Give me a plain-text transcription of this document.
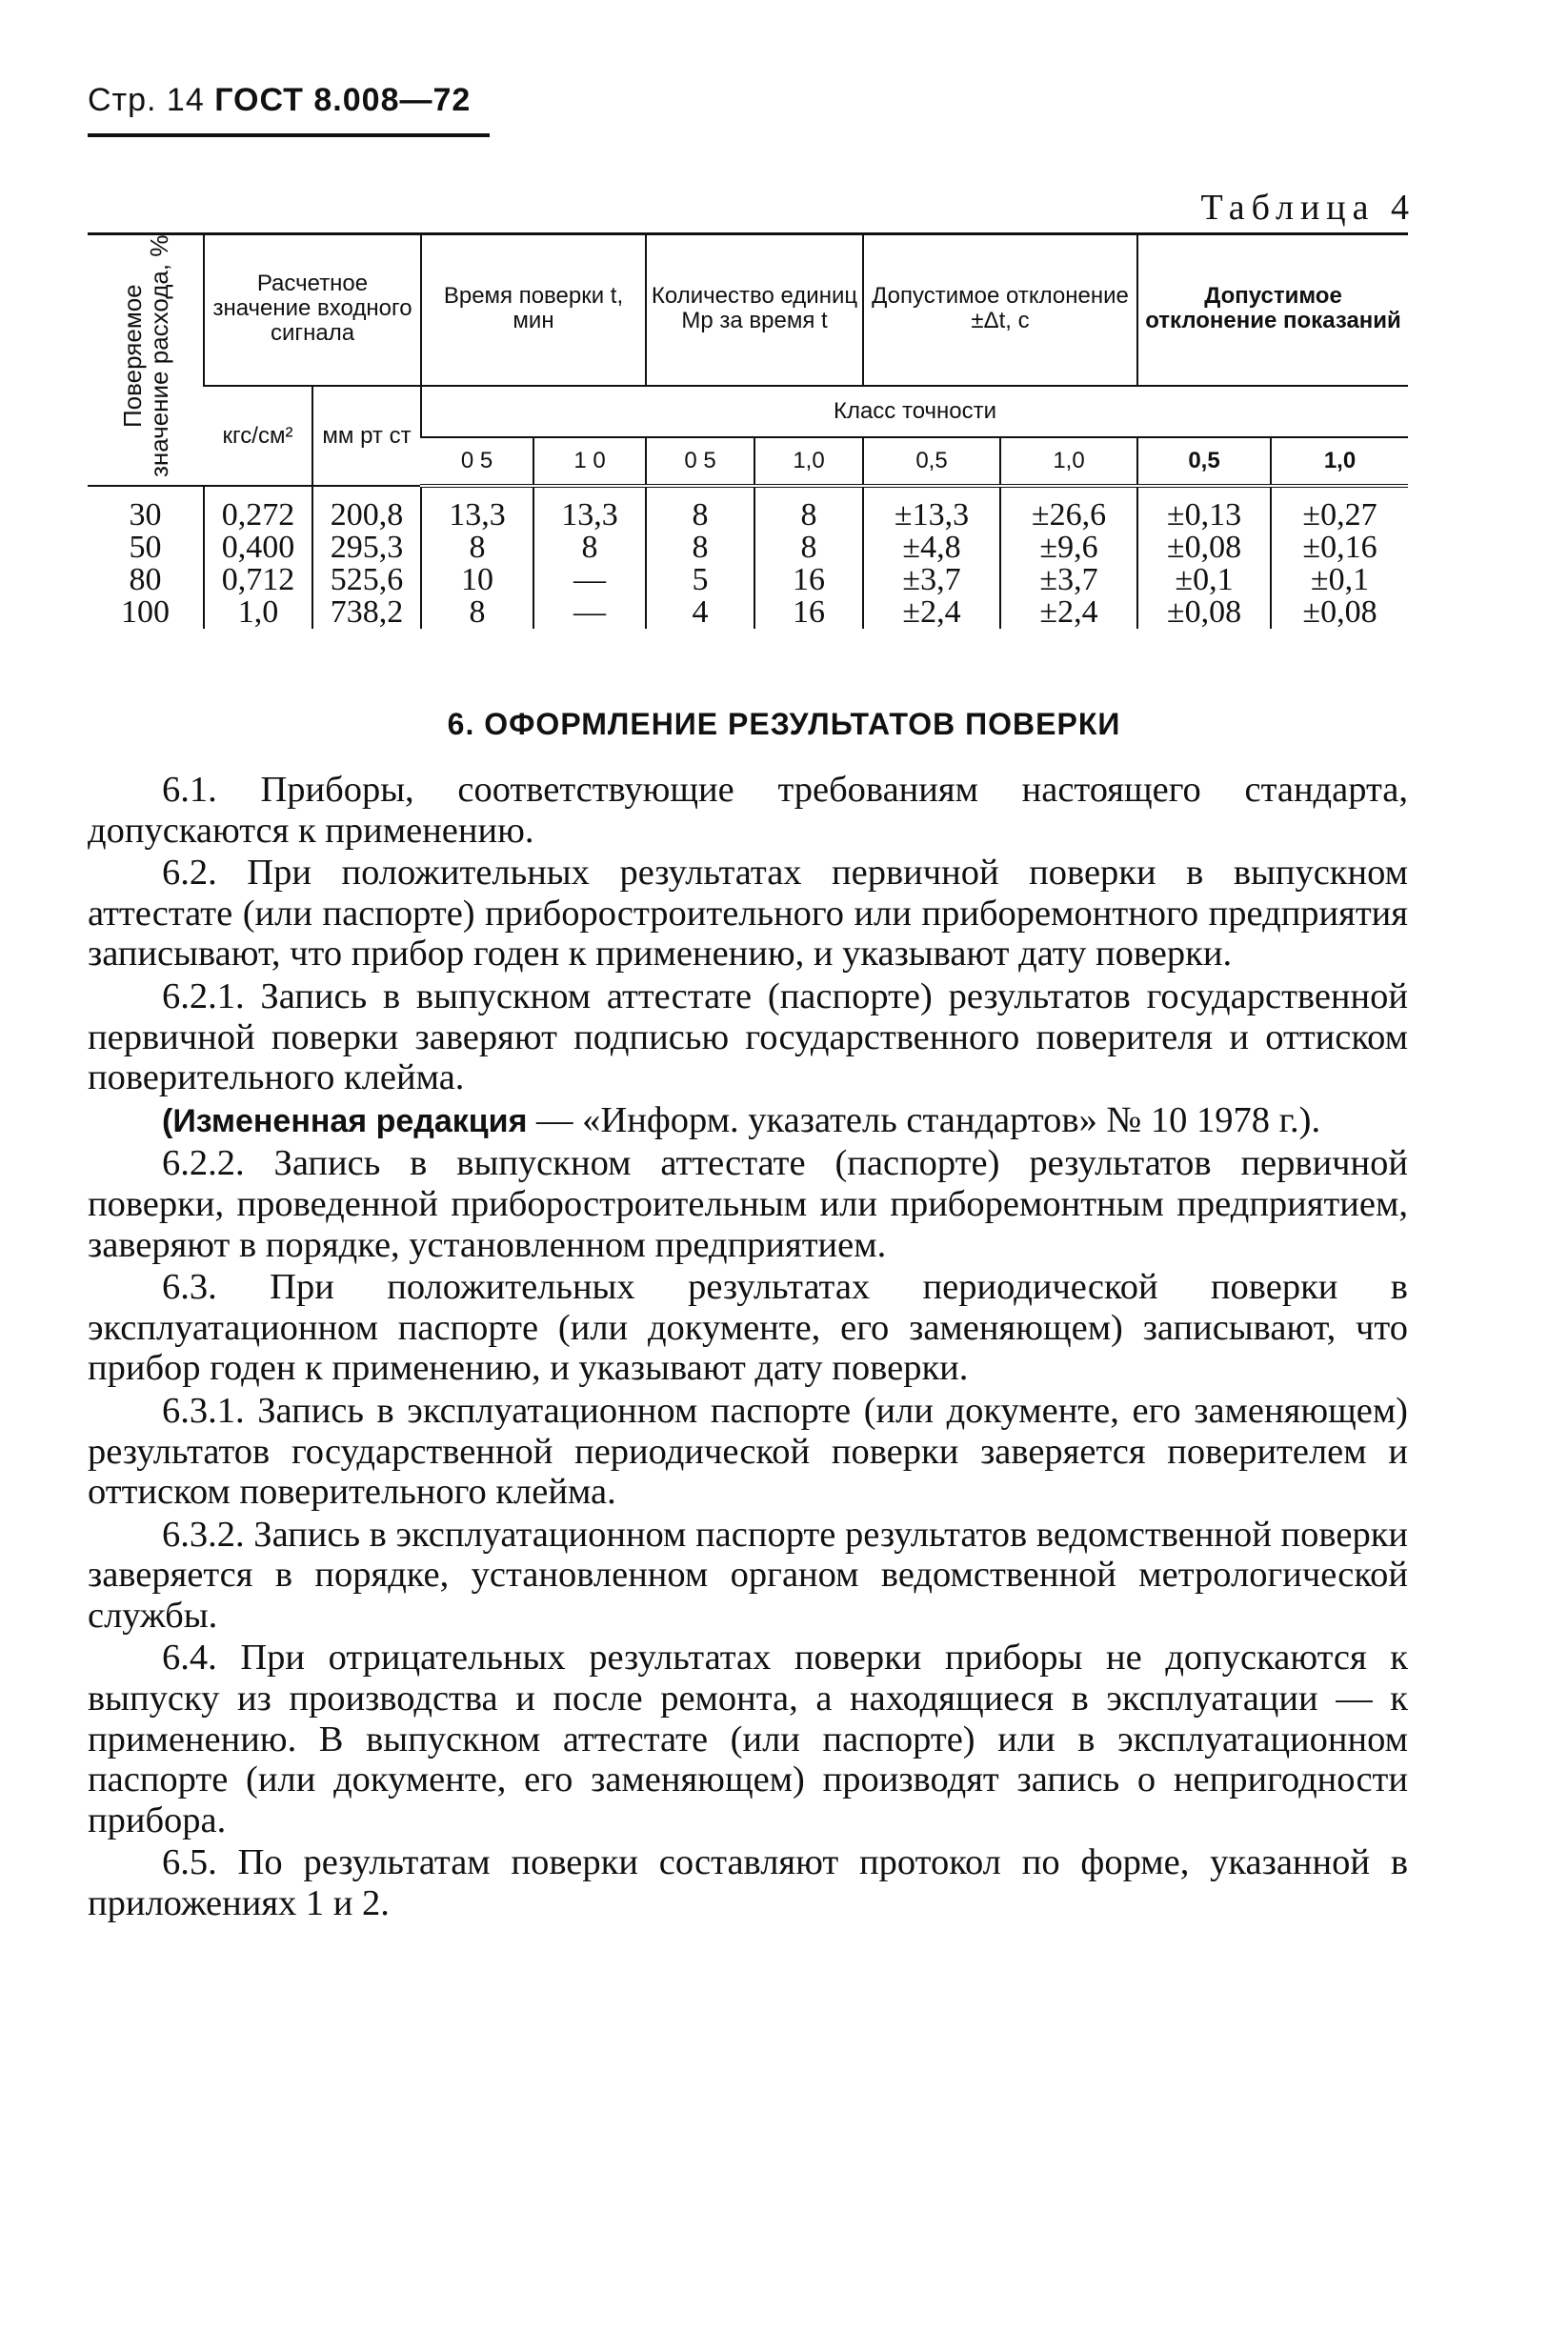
Стр. 14 ГОСТ 8.008—72
Таблица 4
Поверяемое значение расхода, %	Расчетное значение входного сигнала		Время поверки t, мин		Количество единиц Mр за время t		Допустимое отклонение ±Δt, с		Допустимое отклонение показаний	
	кгс/см²	мм рт ст	Класс точности							
			0 5	1 0	0 5	1,0	0,5	1,0	0,5	1,0
30	0,272	200,8	13,3	13,3	8	8	±13,3	±26,6	±0,13	±0,27
50	0,400	295,3	8	8	8	8	±4,8	±9,6	±0,08	±0,16
80	0,712	525,6	10	—	5	16	±3,7	±3,7	±0,1	±0,1
100	1,0	738,2	8	—	4	16	±2,4	±2,4	±0,08	±0,08
6. ОФОРМЛЕНИЕ РЕЗУЛЬТАТОВ ПОВЕРКИ

6.1. Приборы, соответствующие требованиям настоящего стандарта, допускаются к применению.

6.2. При положительных результатах первичной поверки в выпускном аттестате (или паспорте) приборостроительного или приборемонтного предприятия записывают, что прибор годен к применению, и указывают дату поверки.

6.2.1. Запись в выпускном аттестате (паспорте) результатов государственной первичной поверки заверяют подписью государственного поверителя и оттиском поверительного клейма.

(Измененная редакция — «Информ. указатель стандартов» № 10 1978 г.).

6.2.2. Запись в выпускном аттестате (паспорте) результатов первичной поверки, проведенной приборостроительным или приборемонтным предприятием, заверяют в порядке, установленном предприятием.

6.3. При положительных результатах периодической поверки в эксплуатационном паспорте (или документе, его заменяющем) записывают, что прибор годен к применению, и указывают дату поверки.

6.3.1. Запись в эксплуатационном паспорте (или документе, его заменяющем) результатов государственной периодической поверки заверяется поверителем и оттиском поверительного клейма.

6.3.2. Запись в эксплуатационном паспорте результатов ведомственной поверки заверяется в порядке, установленном органом ведомственной метрологической службы.

6.4. При отрицательных результатах поверки приборы не допускаются к выпуску из производства и после ремонта, а находящиеся в эксплуатации — к применению. В выпускном аттестате (или паспорте) или в эксплуатационном паспорте (или документе, его заменяющем) производят запись о непригодности прибора.

6.5. По результатам поверки составляют протокол по форме, указанной в приложениях 1 и 2.
